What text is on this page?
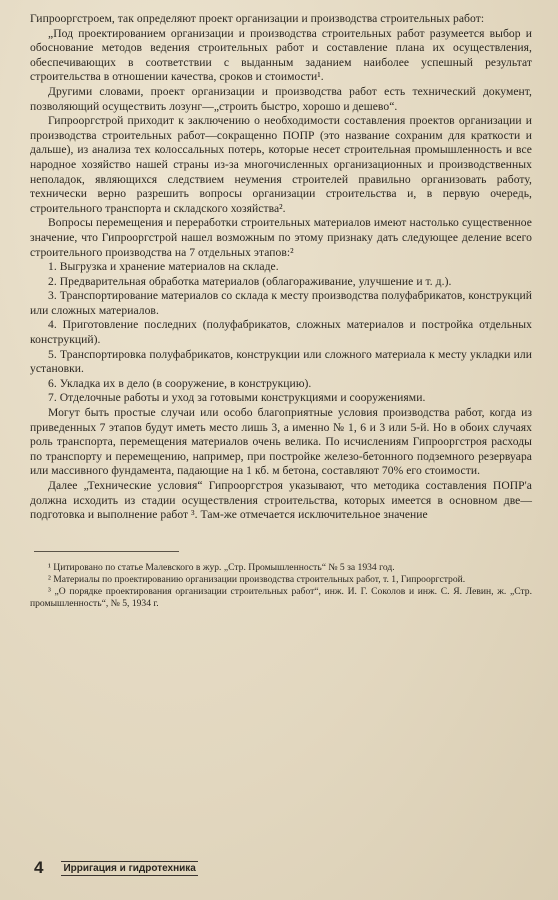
Гипрооргстроем, так определяют проект организации и производства строительных работ:

„Под проектированием организации и производства строительных работ разумеется выбор и обоснование методов ведения строительных работ и составление плана их осуществления, обеспечивающих в соответствии с выданным заданием наиболее успешный результат строительства в отношении качества, сроков и стоимости¹.

Другими словами, проект организации и производства работ есть технический документ, позволяющий осуществить лозунг—„строить быстро, хорошо и дешево“.

Гипрооргстрой приходит к заключению о необходимости составления проектов организации и производства строительных работ—сокращенно ПОПР (это название сохраним для краткости и дальше), из анализа тех колоссальных потерь, которые несет строительная промышленность и все народное хозяйство нашей страны из-за многочисленных организационных и производственных неполадок, являющихся следствием неумения строителей правильно организовать работу, технически верно разрешить вопросы организации строительства и, в первую очередь, строительного транспорта и складского хозяйства².

Вопросы перемещения и переработки строительных материалов имеют настолько существенное значение, что Гипрооргстрой нашел возможным по этому признаку дать следующее деление всего строительного производства на 7 отдельных этапов:²

1. Выгрузка и хранение материалов на складе.

2. Предварительная обработка материалов (облагораживание, улучшение и т. д.).

3. Транспортирование материалов со склада к месту производства полуфабрикатов, конструкций или сложных материалов.

4. Приготовление последних (полуфабрикатов, сложных материалов и постройка отдельных конструкций).

5. Транспортировка полуфабрикатов, конструкции или сложного материала к месту укладки или установки.

6. Укладка их в дело (в сооружение, в конструкцию).

7. Отделочные работы и уход за готовыми конструкциями и сооружениями.

Могут быть простые случаи или особо благоприятные условия производства работ, когда из приведенных 7 этапов будут иметь место лишь 3, а именно № 1, 6 и 3 или 5-й. Но в обоих случаях роль транспорта, перемещения материалов очень велика. По исчислениям Гипрооргстроя расходы по транспорту и перемещению, например, при постройке железо-бетонного подземного резервуара или массивного фундамента, падающие на 1 кб. м бетона, составляют 70% его стоимости.

Далее „Технические условия“ Гипрооргстроя указывают, что методика составления ПОПР'а должна исходить из стадии осуществления строительства, которых имеется в основном две—подготовка и выполнение работ ³. Там-же отмечается исключительное значение

¹ Цитировано по статье Малевского в жур. „Стр. Промышленность“ № 5 за 1934 год.

² Материалы по проектированию организации производства строительных работ, т. 1, Гипрооргстрой.

³ „О порядке проектирования организации строительных работ“, инж. И. Г. Соколов и инж. С. Я. Левин, ж. „Стр. промышленность“, № 5, 1934 г.

4 Ирригация и гидротехника
